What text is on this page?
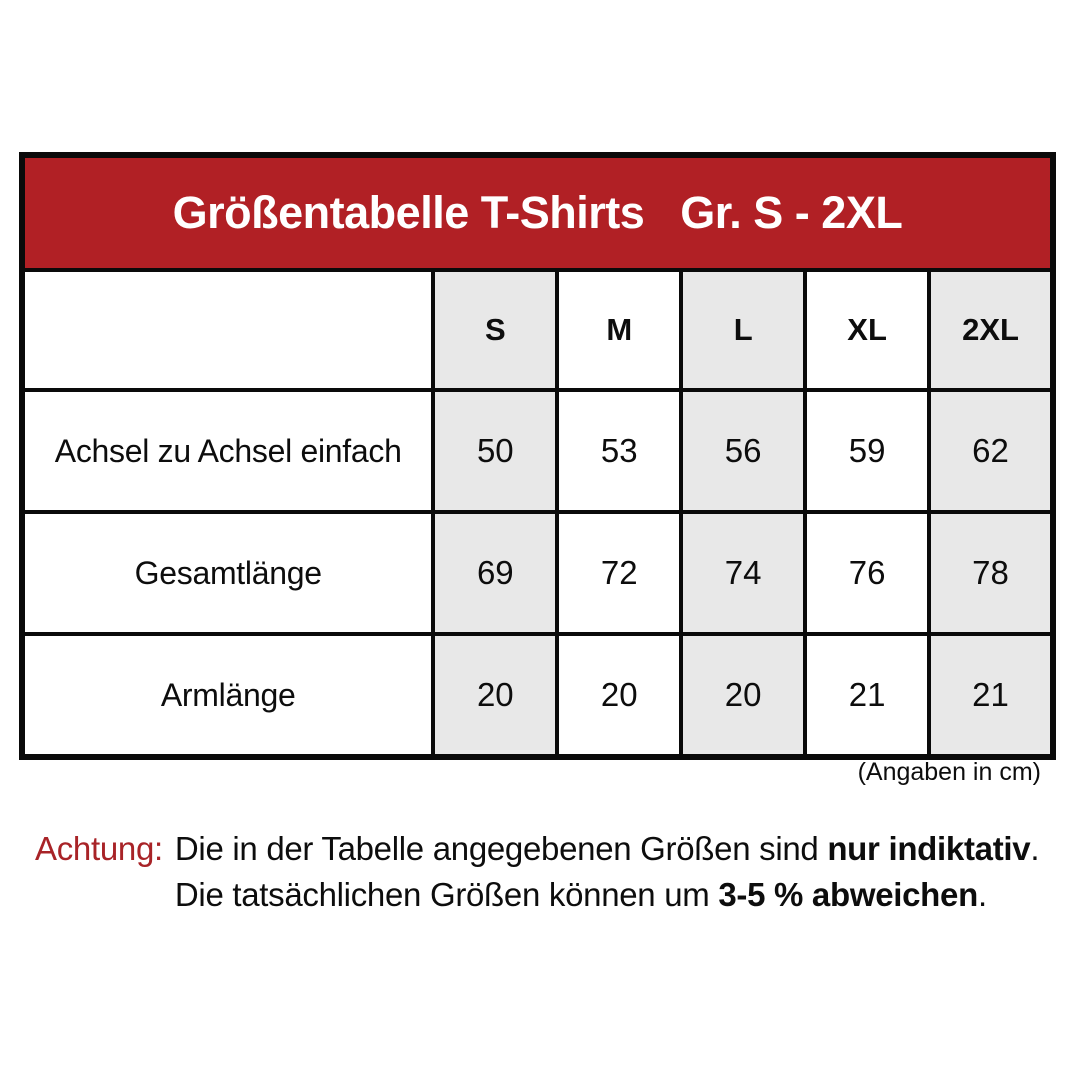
Größentabelle T-Shirts   Gr. S - 2XL					
	S	M	L	XL	2XL
Achsel zu Achsel einfach	50	53	56	59	62
Gesamtlänge	69	72	74	76	78
Armlänge	20	20	20	21	21
(Angaben in cm)
Achtung: Die in der Tabelle angegebenen Größen sind nur indiktativ.
Die tatsächlichen Größen können um 3-5 % abweichen.
